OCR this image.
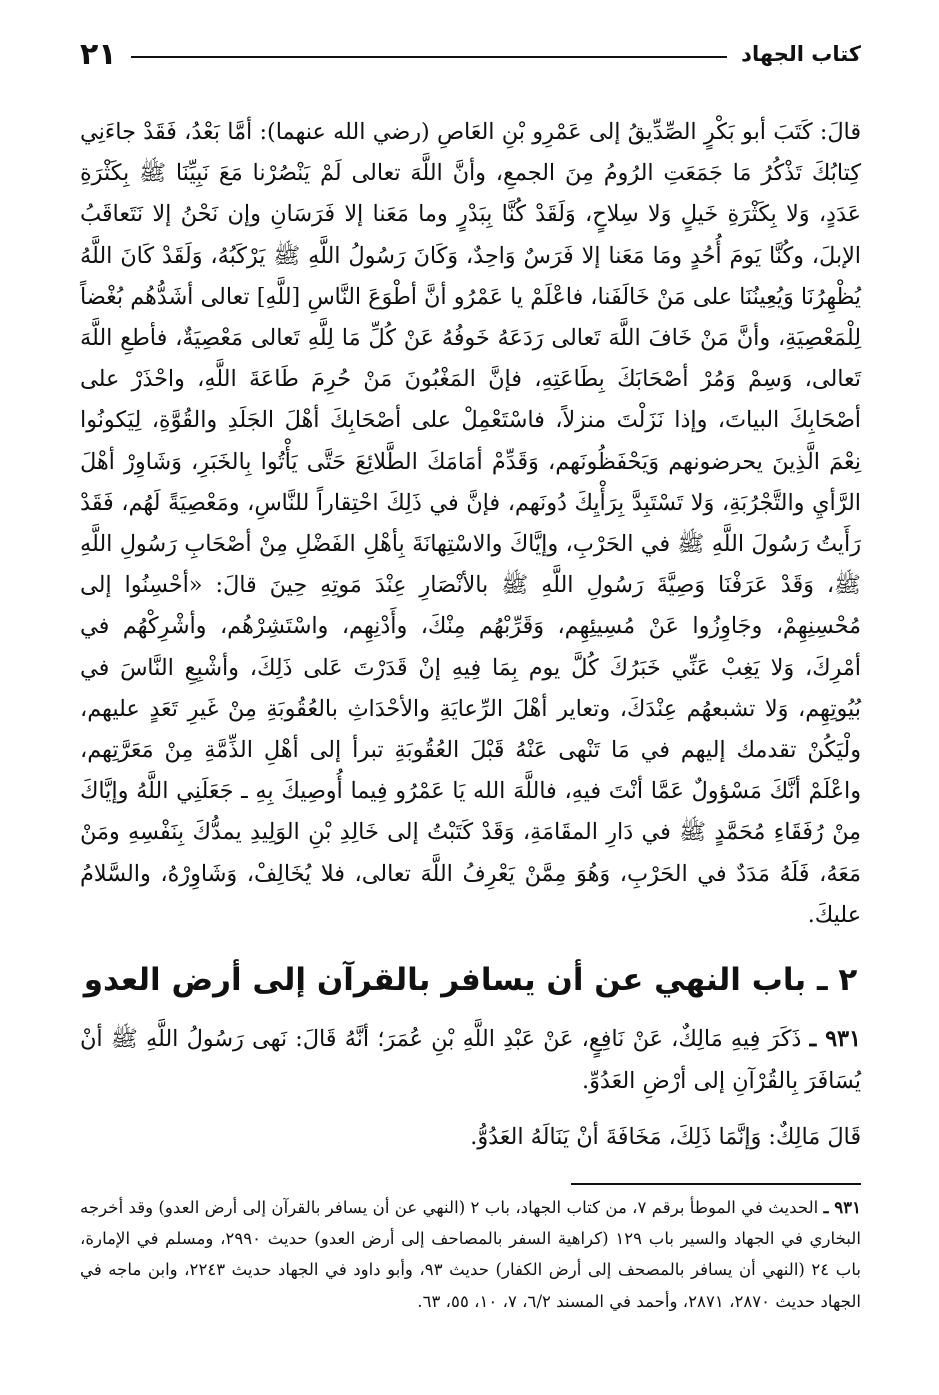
كتاب الجهاد
٢١

قالَ: كَتَبَ أبو بَكْرٍ الصِّدِّيقُ إلى عَمْرِو بْنِ العَاصِ (رضي الله عنهما): أمَّا بَعْدُ، فَقَدْ جاءَنِي كِتابُكَ تَذْكُرُ مَا جَمَعَتِ الرُومُ مِنَ الجمعِ، وأنَّ اللَّهَ تعالى لَمْ يَنْصُرْنا مَعَ نَبِيِّنَا ﷺ بِكَثْرَةِ عَدَدٍ، وَلا بِكَثْرَةِ خَيلٍ وَلا سِلاحٍ، وَلَقَدْ كُنَّا بِبَدْرٍ وما مَعَنا إلا فَرَسَانِ وإن نَحْنُ إلا نَتَعاقَبُ الإبلَ، وكُنَّا يَومَ أُحُدٍ ومَا مَعَنا إلا فَرَسٌ وَاحِدٌ، وَكَانَ رَسُولُ اللَّهِ ﷺ يَرْكَبُهُ، وَلَقَدْ كَانَ اللَّهُ يُظْهِرُنَا وَيُعِينُنَا على مَنْ خَالَفَنا، فاعْلَمْ يا عَمْرُو أنَّ أطْوَعَ النَّاسِ [للَّهِ] تعالى أشَدُّهُم بُغْضاً لِلْمَعْصِيَةِ، وأنَّ مَنْ خَافَ اللَّهَ تَعالى رَدَعَهُ خَوفُهُ عَنْ كُلِّ مَا لِلَّهِ تَعالى مَعْصِيَةٌ، فأطعِ اللَّهَ تَعالى، وَسِمْ وَمُرْ أصْحَابَكَ بِطَاعَتِهِ، فإنَّ المَغْبُونَ مَنْ حُرِمَ طَاعَةَ اللَّهِ، واحْذَرْ على أصْحَابِكَ البياتَ، وإذا نَزَلْتَ منزلاً، فاسْتَعْمِلْ على أصْحَابِكَ أهْلَ الجَلَدِ والقُوَّةِ، لِيَكونُوا نِعْمَ الَّذِينَ يحرضونهم وَيَحْفَظُونَهم، وَقَدِّمْ أمَامَكَ الطَّلائِعَ حَتَّى يَأْتُوا بِالخَبَرِ، وَشَاوِرْ أهْلَ الرَّأيِ والتَّجْرُبَةِ، وَلا تَسْتَبِدَّ بِرَأْيِكَ دُونَهم، فإنَّ في ذَلِكَ احْتِقاراً للنَّاسِ، ومَعْصِيَةً لَهُم، فَقَدْ رَأَيتُ رَسُولَ اللَّهِ ﷺ في الحَرْبِ، وإيَّاكَ والاسْتِهانَةَ بِأهْلِ الفَضْلِ مِنْ أصْحَابِ رَسُولِ اللَّهِ ﷺ، وَقَدْ عَرَفْنَا وَصِيَّةَ رَسُولِ اللَّهِ ﷺ بالأنْصَارِ عِنْدَ مَوتِهِ حِينَ قالَ: «أحْسِنُوا إلى مُحْسِنِهِمْ، وجَاوِزُوا عَنْ مُسِيئِهِم، وَقَرِّبْهُم مِنْكَ، وأَدْنِهِم، واسْتَشِرْهُم، وأشْرِكْهُم في أمْرِكَ، وَلا يَغِبْ عَنِّي خَبَرُكَ كُلَّ يوم بِمَا فِيهِ إنْ قَدَرْتَ عَلى ذَلِكَ، وأشْبِعِ النَّاسَ في بُيُوتِهِم، وَلا تشبعهُم عِنْدَكَ، وتعاير أهْلَ الرِّعايَةِ والأحْدَاثِ بالعُقُوبَةِ مِنْ غَيرِ تَعَدٍ عليهم، ولْيَكُنْ تقدمك إليهم في مَا تَنْهى عَنْهُ قَبْلَ العُقُوبَةِ تبرأ إلى أهْلِ الذِّمَّةِ مِنْ مَعَرَّتِهم، واعْلَمْ أنَّكَ مَسْؤولٌ عَمَّا أنْتَ فيهِ، فاللَّهَ الله يَا عَمْرُو فِيما أُوصِيكَ بِهِ ـ جَعَلَنِي اللَّهُ وإيَّاكَ مِنْ رُفَقَاءِ مُحَمَّدٍ ﷺ في دَارِ المقَامَةِ، وَقَدْ كَتَبْتُ إلى خَالِدِ بْنِ الوَلِيدِ يمدُّكَ بِنَفْسِهِ ومَنْ مَعَهُ، فَلَهُ مَدَدٌ في الحَرْبِ، وَهُوَ مِمَّنْ يَعْرِفُ اللَّهَ تعالى، فلا يُخَالِفْ، وَشَاوِرْهُ، والسَّلامُ عليكَ.

٢ ـ باب النهي عن أن يسافر بالقرآن إلى أرض العدو

٩٣١ ـ ذَكَرَ فِيهِ مَالِكٌ، عَنْ نَافِعٍ، عَنْ عَبْدِ اللَّهِ بْنِ عُمَرَ؛ أنَّهُ قَالَ: نَهى رَسُولُ اللَّهِ ﷺ أنْ يُسَافَرَ بِالقُرْآنِ إلى أرْضِ العَدُوِّ.

قَالَ مَالِكٌ: وَإنَّمَا ذَلِكَ، مَخَافَةَ أنْ يَنَالَهُ العَدُوُّ.

٩٣١ ـ الحديث في الموطأ برقم ٧، من كتاب الجهاد، باب ٢ (النهي عن أن يسافر بالقرآن إلى أرض العدو) وقد أخرجه البخاري في الجهاد والسير باب ١٢٩ (كراهية السفر بالمصاحف إلى أرض العدو) حديث ٢٩٩٠، ومسلم في الإمارة، باب ٢٤ (النهي أن يسافر بالمصحف إلى أرض الكفار) حديث ٩٣، وأبو داود في الجهاد حديث ٢٢٤٣، وابن ماجه في الجهاد حديث ٢٨٧٠، ٢٨٧١، وأحمد في المسند ٦/٢، ٧، ١٠، ٥٥، ٦٣.
